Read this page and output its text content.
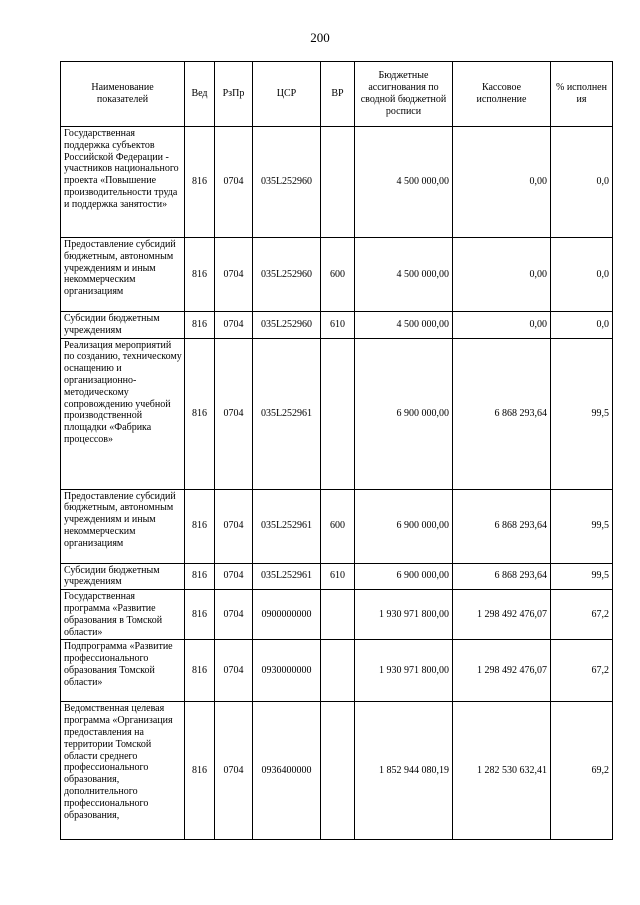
200
Наименование показателей	Вед	РзПр	ЦСР	ВР	Бюджетные ассигнования по сводной бюджетной росписи	Кассовое исполнение	% исполнения

Государственная поддержка субъектов Российской Федерации - участников национального проекта «Повышение производительности труда и поддержка занятости»	816	0704	035L252960		4 500 000,00	0,00	0,0
Предоставление субсидий бюджетным, автономным учреждениям и иным некоммерческим организациям	816	0704	035L252960	600	4 500 000,00	0,00	0,0
Субсидии бюджетным учреждениям	816	0704	035L252960	610	4 500 000,00	0,00	0,0
Реализация мероприятий по созданию, техническому оснащению и организационно-методическому сопровождению учебной производственной площадки «Фабрика процессов»	816	0704	035L252961		6 900 000,00	6 868 293,64	99,5
Предоставление субсидий бюджетным, автономным учреждениям и иным некоммерческим организациям	816	0704	035L252961	600	6 900 000,00	6 868 293,64	99,5
Субсидии бюджетным учреждениям	816	0704	035L252961	610	6 900 000,00	6 868 293,64	99,5
Государственная программа «Развитие образования в Томской области»	816	0704	0900000000		1 930 971 800,00	1 298 492 476,07	67,2
Подпрограмма «Развитие профессионального образования Томской области»	816	0704	0930000000		1 930 971 800,00	1 298 492 476,07	67,2
Ведомственная целевая программа «Организация предоставления на территории Томской области среднего профессионального образования, дополнительного профессионального образования,	816	0704	0936400000		1 852 944 080,19	1 282 530 632,41	69,2
